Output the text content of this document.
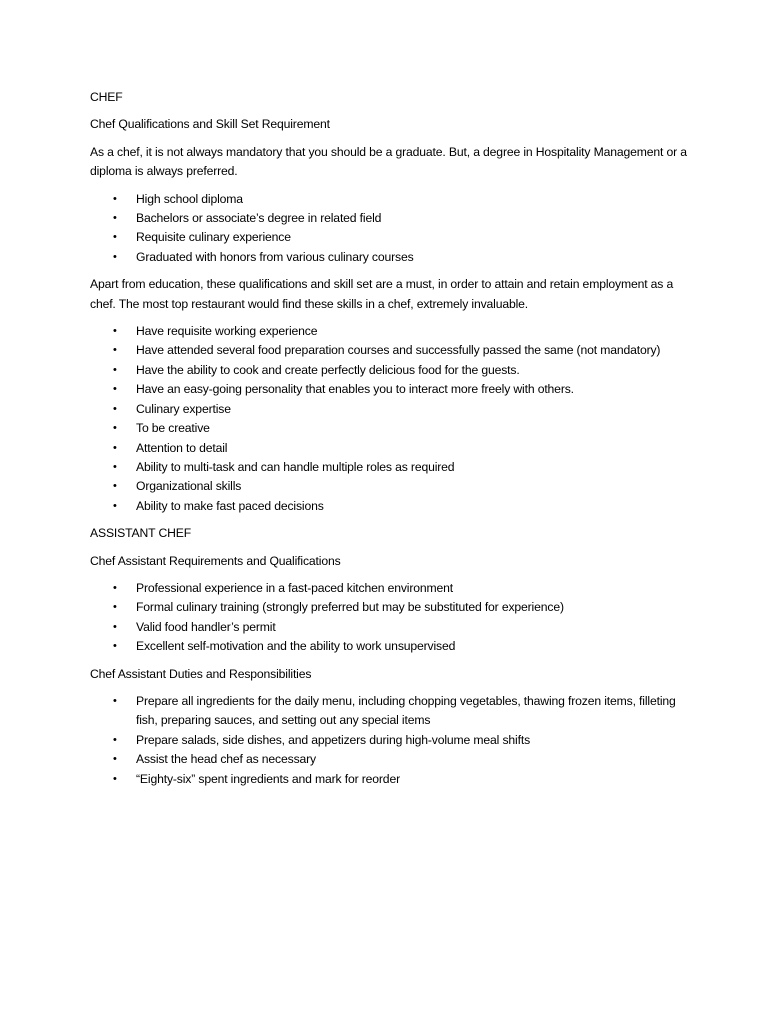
CHEF

Chef Qualifications and Skill Set Requirement

As a chef, it is not always mandatory that you should be a graduate. But, a degree in Hospitality Management or a diploma is always preferred.

• High school diploma
• Bachelors or associate’s degree in related field
• Requisite culinary experience
• Graduated with honors from various culinary courses

Apart from education, these qualifications and skill set are a must, in order to attain and retain employment as a chef. The most top restaurant would find these skills in a chef, extremely invaluable.

• Have requisite working experience
• Have attended several food preparation courses and successfully passed the same (not mandatory)
• Have the ability to cook and create perfectly delicious food for the guests.
• Have an easy-going personality that enables you to interact more freely with others.
• Culinary expertise
• To be creative
• Attention to detail
• Ability to multi-task and can handle multiple roles as required
• Organizational skills
• Ability to make fast paced decisions

ASSISTANT CHEF

Chef Assistant Requirements and Qualifications

• Professional experience in a fast-paced kitchen environment
• Formal culinary training (strongly preferred but may be substituted for experience)
• Valid food handler’s permit
• Excellent self-motivation and the ability to work unsupervised

Chef Assistant Duties and Responsibilities

• Prepare all ingredients for the daily menu, including chopping vegetables, thawing frozen items, filleting fish, preparing sauces, and setting out any special items
• Prepare salads, side dishes, and appetizers during high-volume meal shifts
• Assist the head chef as necessary
• “Eighty-six” spent ingredients and mark for reorder
